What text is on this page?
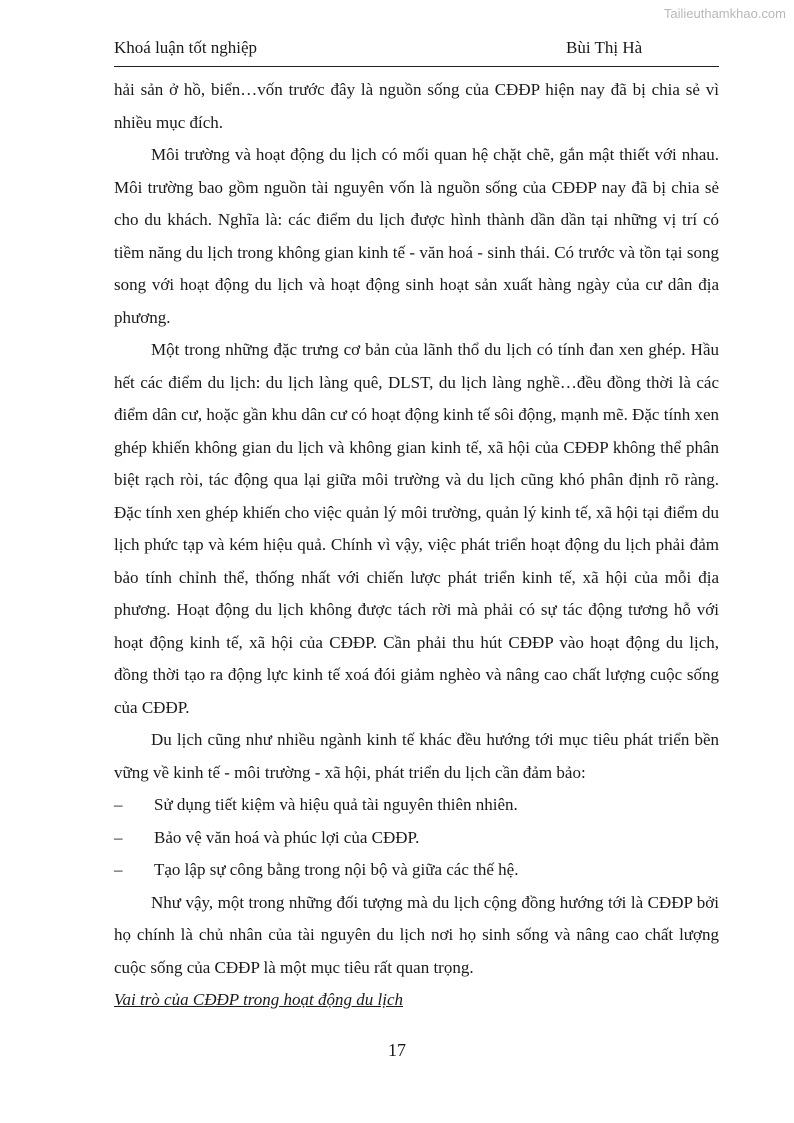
Tailieuthamkhao.com
Khoá luận tốt nghiệp	Bùi Thị Hà

hải sản ở hồ, biển…vốn trước đây là nguồn sống của CĐĐP hiện nay đã bị chia sẻ vì nhiều mục đích.

Môi trường và hoạt động du lịch có mối quan hệ chặt chẽ, gắn mật thiết với nhau. Môi trường bao gồm nguồn tài nguyên vốn là nguồn sống của CĐĐP nay đã bị chia sẻ cho du khách. Nghĩa là: các điểm du lịch được hình thành dần dần tại những vị trí có tiềm năng du lịch trong không gian kinh tế - văn hoá - sinh thái. Có trước và tồn tại song song với hoạt động du lịch và hoạt động sinh hoạt sản xuất hàng ngày của cư dân địa phương.

Một trong những đặc trưng cơ bản của lãnh thổ du lịch có tính đan xen ghép. Hầu hết các điểm du lịch: du lịch làng quê, DLST, du lịch làng nghề…đều đồng thời là các điểm dân cư, hoặc gần khu dân cư có hoạt động kinh tế sôi động, mạnh mẽ. Đặc tính xen ghép khiến không gian du lịch và không gian kinh tế, xã hội của CĐĐP không thể phân biệt rạch ròi, tác động qua lại giữa môi trường và du lịch cũng khó phân định rõ ràng. Đặc tính xen ghép khiến cho việc quản lý môi trường, quản lý kinh tế, xã hội tại điểm du lịch phức tạp và kém hiệu quả. Chính vì vậy, việc phát triển hoạt động du lịch phải đảm bảo tính chỉnh thể, thống nhất với chiến lược phát triển kinh tế, xã hội của mỗi địa phương. Hoạt động du lịch không được tách rời mà phải có sự tác động tương hỗ với hoạt động kinh tế, xã hội của CĐĐP. Cần phải thu hút CĐĐP vào hoạt động du lịch, đồng thời tạo ra động lực kinh tế xoá đói giảm nghèo và nâng cao chất lượng cuộc sống của CĐĐP.

Du lịch cũng như nhiều ngành kinh tế khác đều hướng tới mục tiêu phát triển bền vững về kinh tế - môi trường - xã hội, phát triển du lịch cần đảm bảo:

– Sử dụng tiết kiệm và hiệu quả tài nguyên thiên nhiên.

– Bảo vệ văn hoá và phúc lợi của CĐĐP.

– Tạo lập sự công bằng trong nội bộ và giữa các thế hệ.

Như vậy, một trong những đối tượng mà du lịch cộng đồng hướng tới là CĐĐP bởi họ chính là chủ nhân của tài nguyên du lịch nơi họ sinh sống và nâng cao chất lượng cuộc sống của CĐĐP là một mục tiêu rất quan trọng.

Vai trò của CĐĐP trong hoạt động du lịch

17
